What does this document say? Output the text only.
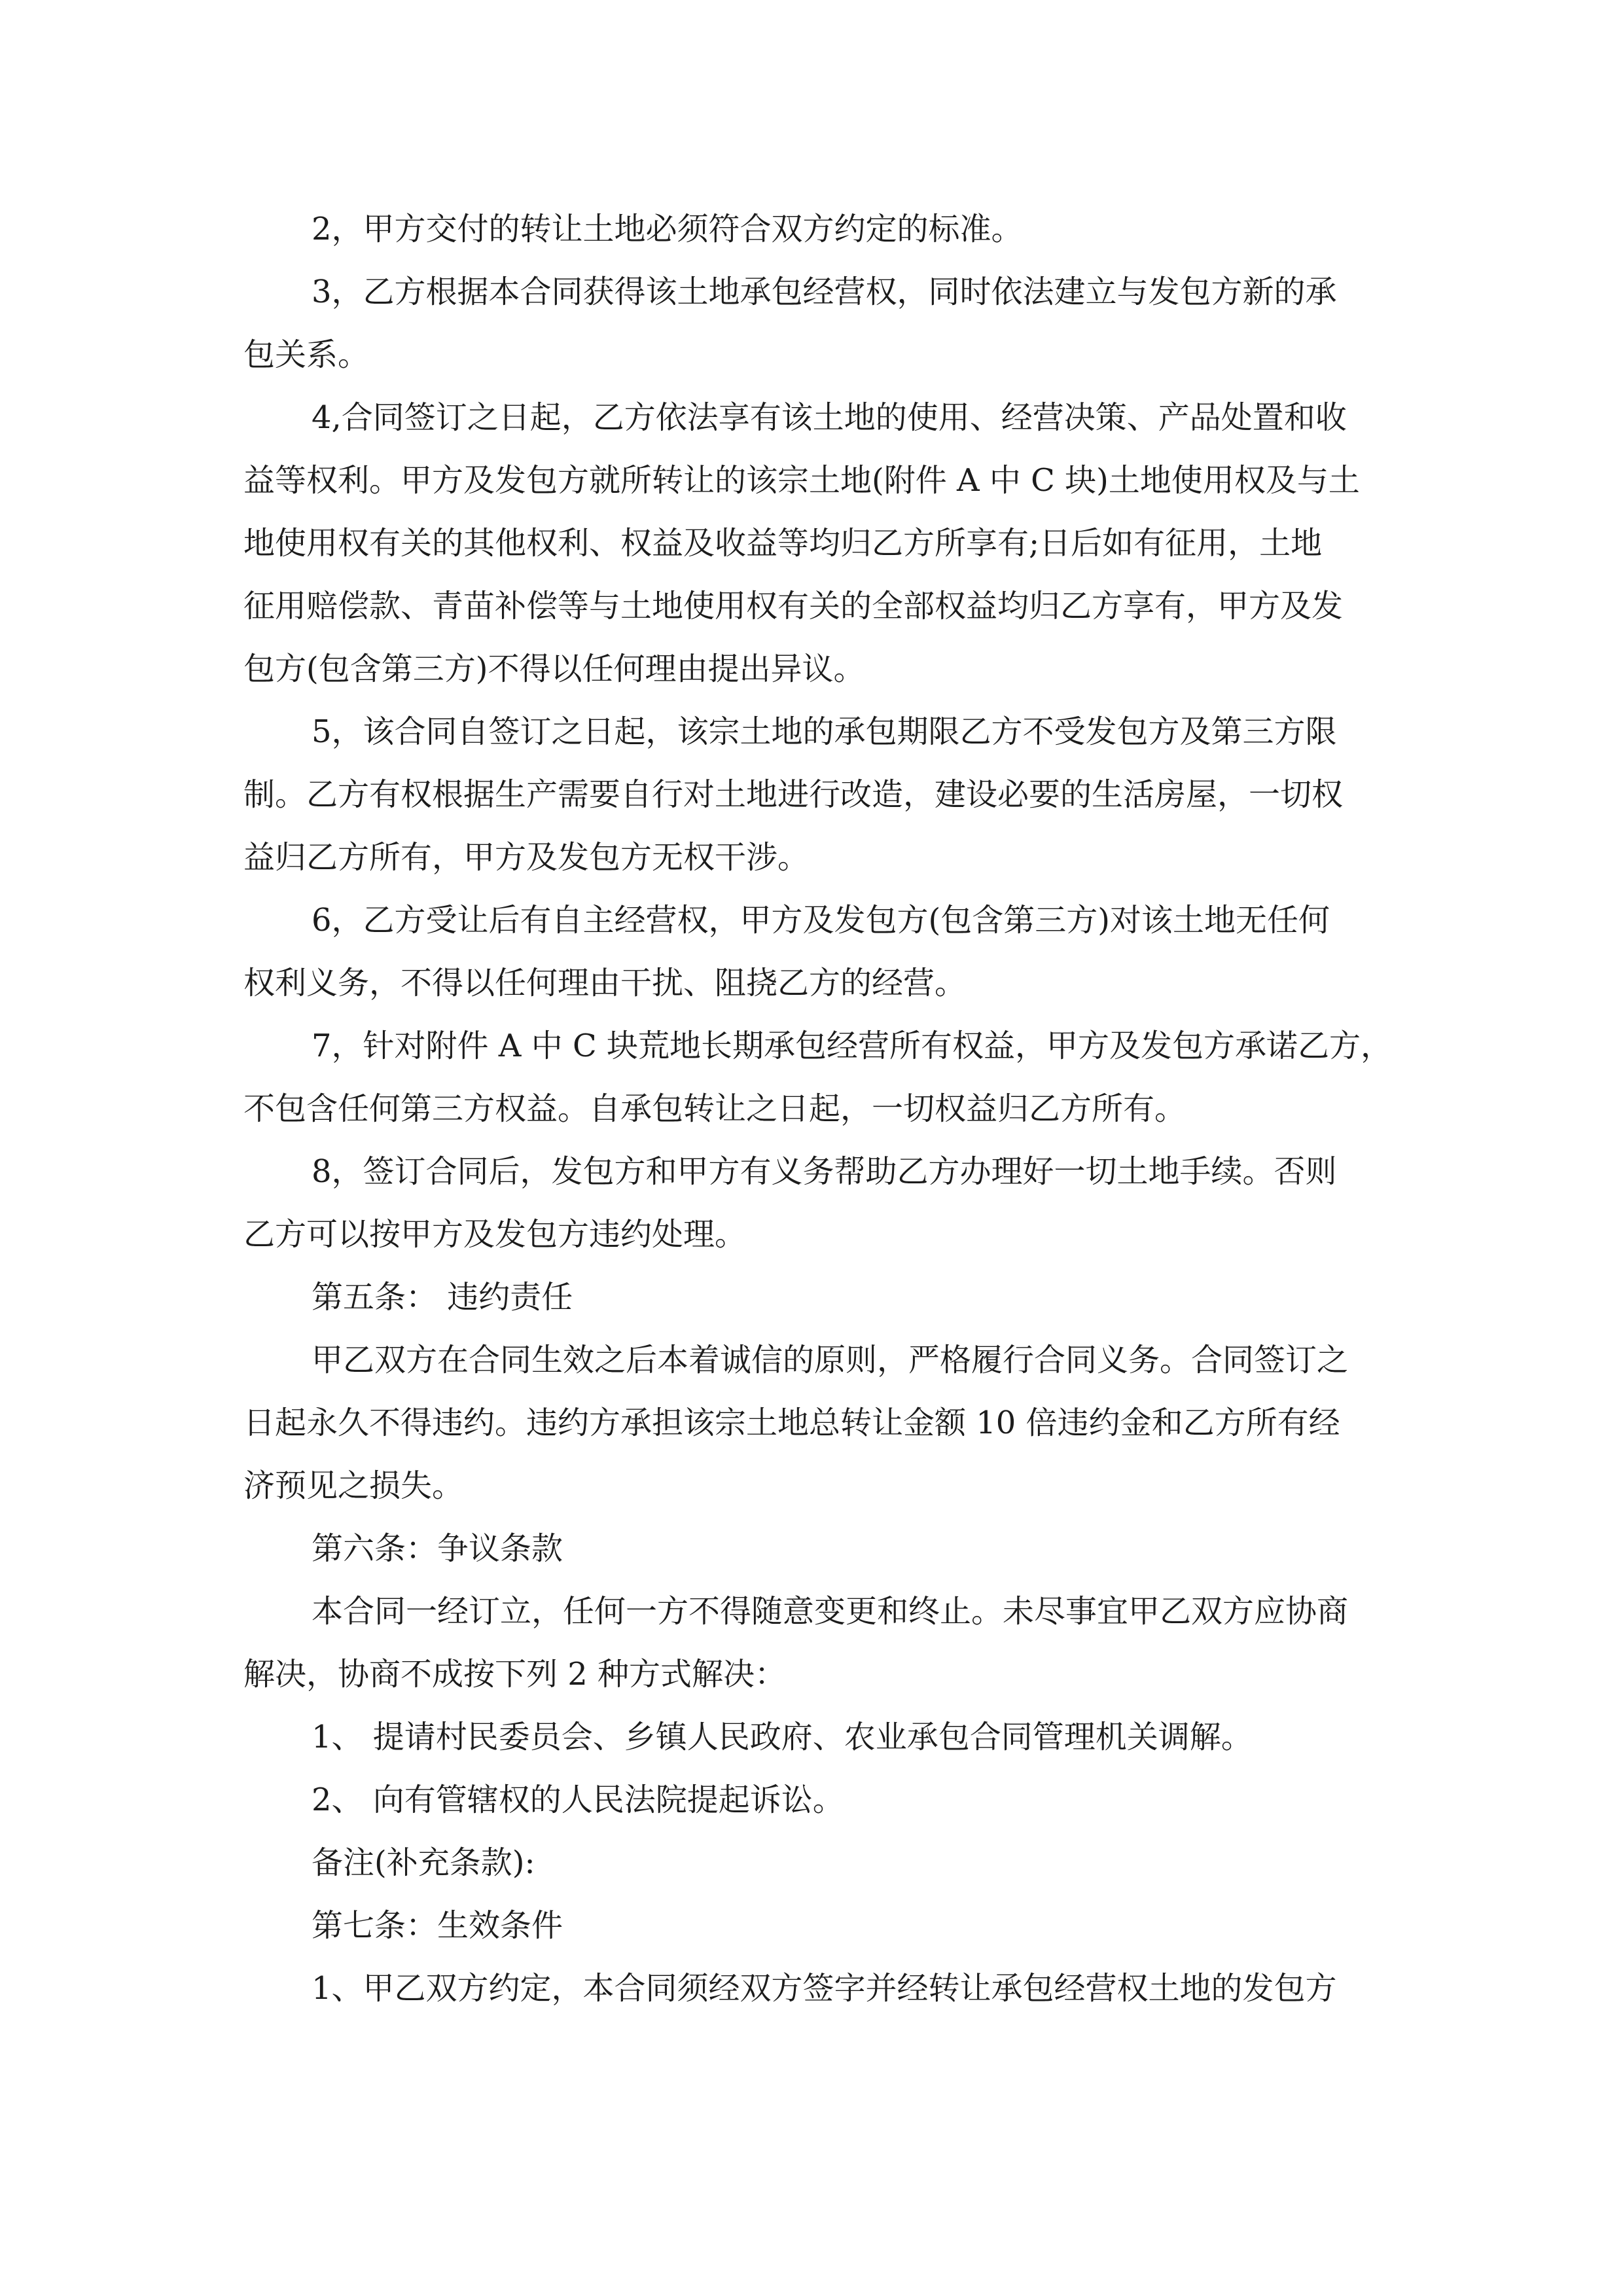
2，甲方交付的转让土地必须符合双方约定的标准。

3，乙方根据本合同获得该土地承包经营权，同时依法建立与发包方新的承

包关系。

4,合同签订之日起，乙方依法享有该土地的使用、经营决策、产品处置和收

益等权利。甲方及发包方就所转让的该宗土地(附件 A 中 C 块)土地使用权及与土

地使用权有关的其他权利、权益及收益等均归乙方所享有;日后如有征用，土地

征用赔偿款、青苗补偿等与土地使用权有关的全部权益均归乙方享有，甲方及发

包方(包含第三方)不得以任何理由提出异议。

5，该合同自签订之日起，该宗土地的承包期限乙方不受发包方及第三方限

制。乙方有权根据生产需要自行对土地进行改造，建设必要的生活房屋，一切权

益归乙方所有，甲方及发包方无权干涉。

6，乙方受让后有自主经营权，甲方及发包方(包含第三方)对该土地无任何

权利义务，不得以任何理由干扰、阻挠乙方的经营。

7，针对附件 A 中 C 块荒地长期承包经营所有权益，甲方及发包方承诺乙方，

不包含任何第三方权益。自承包转让之日起，一切权益归乙方所有。

8，签订合同后，发包方和甲方有义务帮助乙方办理好一切土地手续。否则

乙方可以按甲方及发包方违约处理。

第五条： 违约责任

甲乙双方在合同生效之后本着诚信的原则，严格履行合同义务。合同签订之

日起永久不得违约。违约方承担该宗土地总转让金额 10 倍违约金和乙方所有经

济预见之损失。

第六条：争议条款

本合同一经订立，任何一方不得随意变更和终止。未尽事宜甲乙双方应协商

解决，协商不成按下列 2 种方式解决：

1、 提请村民委员会、乡镇人民政府、农业承包合同管理机关调解。

2、 向有管辖权的人民法院提起诉讼。

备注(补充条款):

第七条：生效条件

1、甲乙双方约定，本合同须经双方签字并经转让承包经营权土地的发包方
